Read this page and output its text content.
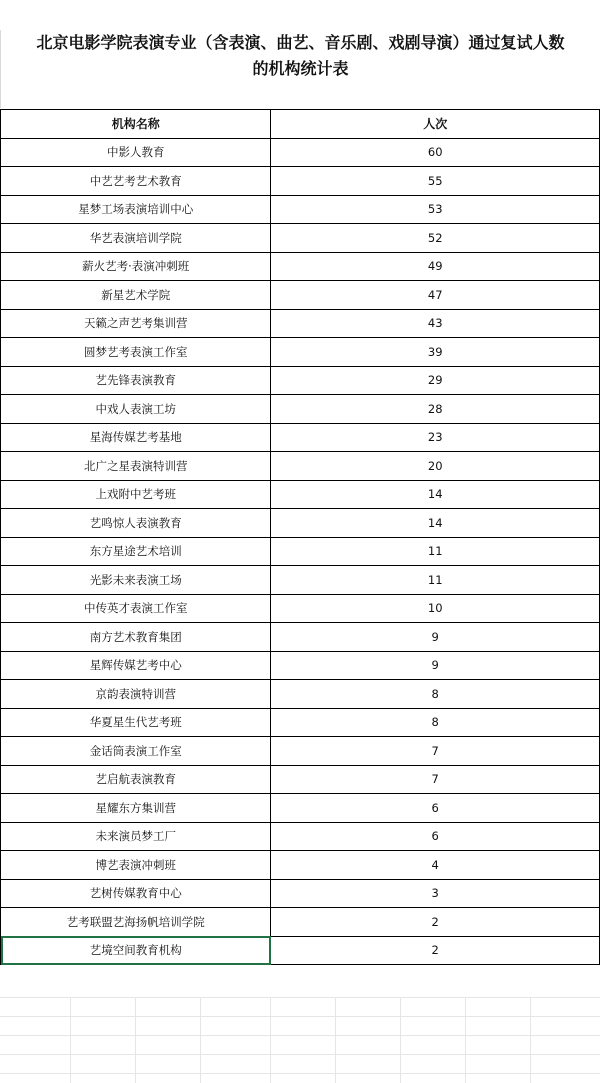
北京电影学院表演专业（含表演、曲艺、音乐剧、戏剧导演）通过复试人数
的机构统计表
机构名称	人次
中影人教育	60
中艺艺考艺术教育	55
星梦工场表演培训中心	53
华艺表演培训学院	52
薪火艺考·表演冲刺班	49
新星艺术学院	47
天籁之声艺考集训营	43
圆梦艺考表演工作室	39
艺先锋表演教育	29
中戏人表演工坊	28
星海传媒艺考基地	23
北广之星表演特训营	20
上戏附中艺考班	14
艺鸣惊人表演教育	14
东方星途艺术培训	11
光影未来表演工场	11
中传英才表演工作室	10
南方艺术教育集团	9
星辉传媒艺考中心	9
京韵表演特训营	8
华夏星生代艺考班	8
金话筒表演工作室	7
艺启航表演教育	7
星耀东方集训营	6
未来演员梦工厂	6
博艺表演冲刺班	4
艺树传媒教育中心	3
艺考联盟艺海扬帆培训学院	2
艺境空间教育机构	2
